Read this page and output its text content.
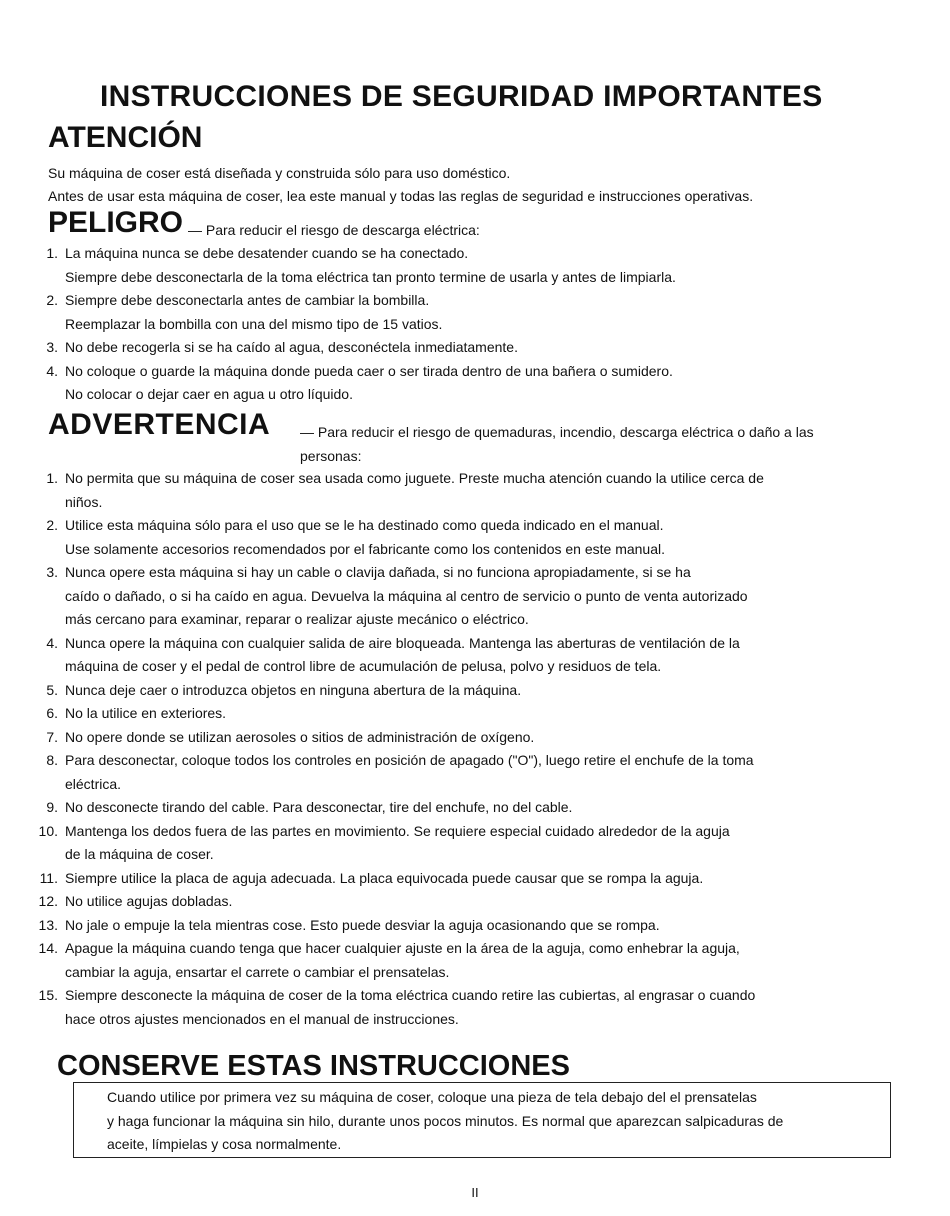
INSTRUCCIONES DE SEGURIDAD IMPORTANTES
ATENCIÓN

Su máquina de coser está diseñada y construida sólo para uso doméstico.

Antes de usar esta máquina de coser, lea este manual y todas las reglas de seguridad e instrucciones operativas.

PELIGRO — Para reducir el riesgo de descarga eléctrica:
1. La máquina nunca se debe desatender cuando se ha conectado.
Siempre debe desconectarla de la toma eléctrica tan pronto termine de usarla y antes de limpiarla.
2. Siempre debe desconectarla antes de cambiar la bombilla.
Reemplazar la bombilla con una del mismo tipo de 15 vatios.
3. No debe recogerla si se ha caído al agua, desconéctela inmediatamente.
4. No coloque o guarde la máquina donde pueda caer o ser tirada dentro de una bañera o sumidero.
No colocar o dejar caer en agua u otro líquido.
ADVERTENCIA — Para reducir el riesgo de quemaduras, incendio, descarga eléctrica o daño a las
personas:
1. No permita que su máquina de coser sea usada como juguete. Preste mucha atención cuando la utilice cerca de
niños.
2. Utilice esta máquina sólo para el uso que se le ha destinado como queda indicado en el manual.
Use solamente accesorios recomendados por el fabricante como los contenidos en este manual.
3. Nunca opere esta máquina si hay un cable o clavija dañada, si no funciona apropiadamente, si se ha
caído o dañado, o si ha caído en agua. Devuelva la máquina al centro de servicio o punto de venta autorizado
más cercano para examinar, reparar o realizar ajuste mecánico o eléctrico.
4. Nunca opere la máquina con cualquier salida de aire bloqueada. Mantenga las aberturas de ventilación de la
máquina de coser y el pedal de control libre de acumulación de pelusa, polvo y residuos de tela.
5. Nunca deje caer o introduzca objetos en ninguna abertura de la máquina.
6. No la utilice en exteriores.
7. No opere donde se utilizan aerosoles o sitios de administración de oxígeno.
8. Para desconectar, coloque todos los controles en posición de apagado ("O"), luego retire el enchufe de la toma
eléctrica.
9. No desconecte tirando del cable. Para desconectar, tire del enchufe, no del cable.
10. Mantenga los dedos fuera de las partes en movimiento. Se requiere especial cuidado alrededor de la aguja
de la máquina de coser.
11. Siempre utilice la placa de aguja adecuada. La placa equivocada puede causar que se rompa la aguja.
12. No utilice agujas dobladas.
13. No jale o empuje la tela mientras cose. Esto puede desviar la aguja ocasionando que se rompa.
14. Apague la máquina cuando tenga que hacer cualquier ajuste en la área de la aguja, como enhebrar la aguja,
cambiar la aguja, ensartar el carrete o cambiar el prensatelas.
15. Siempre desconecte la máquina de coser de la toma eléctrica cuando retire las cubiertas, al engrasar o cuando
hace otros ajustes mencionados en el manual de instrucciones.
CONSERVE ESTAS INSTRUCCIONES
Cuando utilice por primera vez su máquina de coser, coloque una pieza de tela debajo del el prensatelas
y haga funcionar la máquina sin hilo, durante unos pocos minutos. Es normal que aparezcan salpicaduras de
aceite, límpielas y cosa normalmente.
II
